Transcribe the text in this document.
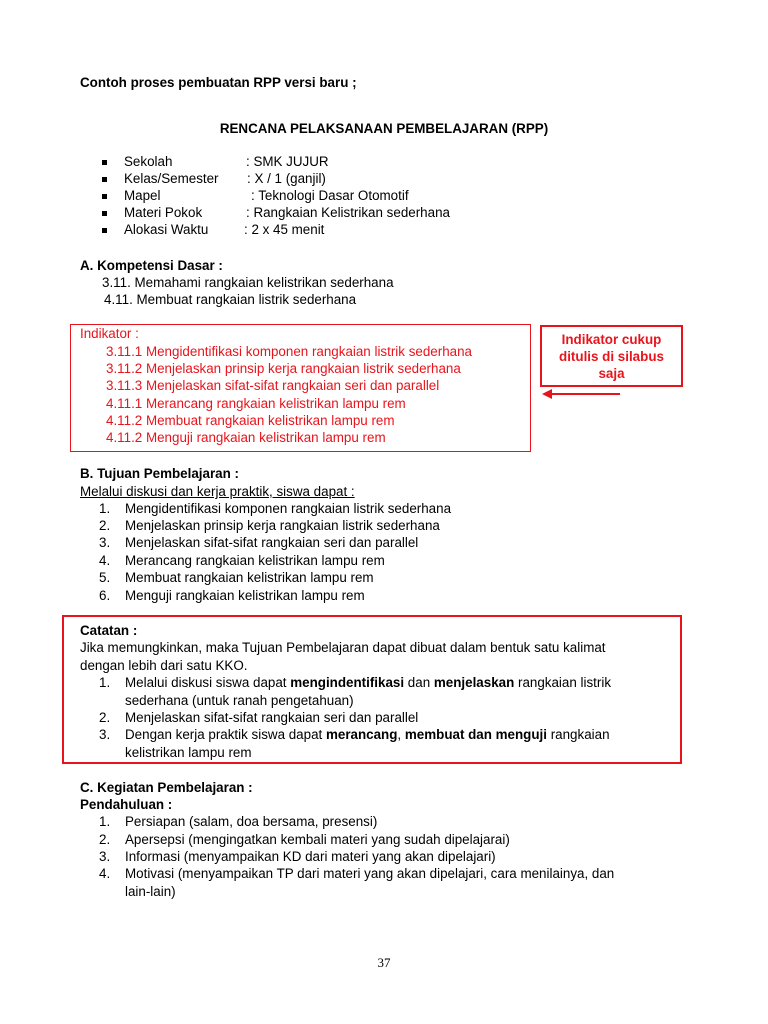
Contoh proses pembuatan RPP versi baru ;
RENCANA PELAKSANAAN PEMBELAJARAN (RPP)
Sekolah	: SMK JUJUR
Kelas/Semester : X / 1 (ganjil)
Mapel	: Teknologi Dasar Otomotif
Materi Pokok	: Rangkaian Kelistrikan sederhana
Alokasi Waktu	: 2 x 45 menit
A. Kompetensi Dasar :
3.11. Memahami rangkaian kelistrikan sederhana
4.11. Membuat rangkaian listrik sederhana
Indikator :
3.11.1 Mengidentifikasi komponen rangkaian listrik sederhana
3.11.2 Menjelaskan prinsip kerja rangkaian listrik sederhana
3.11.3 Menjelaskan sifat-sifat rangkaian seri dan parallel
4.11.1 Merancang rangkaian kelistrikan lampu rem
4.11.2 Membuat rangkaian kelistrikan lampu rem
4.11.2 Menguji rangkaian kelistrikan lampu rem
Indikator cukup
ditulis di silabus
saja
B. Tujuan Pembelajaran :
Melalui diskusi dan kerja praktik, siswa dapat :
1. Mengidentifikasi komponen rangkaian listrik sederhana
2. Menjelaskan prinsip kerja rangkaian listrik sederhana
3. Menjelaskan sifat-sifat rangkaian seri dan parallel
4. Merancang rangkaian kelistrikan lampu rem
5. Membuat rangkaian kelistrikan lampu rem
6. Menguji rangkaian kelistrikan lampu rem
Catatan :
Jika memungkinkan, maka Tujuan Pembelajaran dapat dibuat dalam bentuk satu kalimat
dengan lebih dari satu KKO.
1. Melalui diskusi siswa dapat mengindentifikasi dan menjelaskan rangkaian listrik
sederhana (untuk ranah pengetahuan)
2. Menjelaskan sifat-sifat rangkaian seri dan parallel
3. Dengan kerja praktik siswa dapat merancang, membuat dan menguji rangkaian
kelistrikan lampu rem
C. Kegiatan Pembelajaran :
Pendahuluan :
1. Persiapan (salam, doa bersama, presensi)
2. Apersepsi (mengingatkan kembali materi yang sudah dipelajarai)
3. Informasi (menyampaikan KD dari materi yang akan dipelajari)
4. Motivasi (menyampaikan TP dari materi yang akan dipelajari, cara menilainya, dan
lain-lain)
37
